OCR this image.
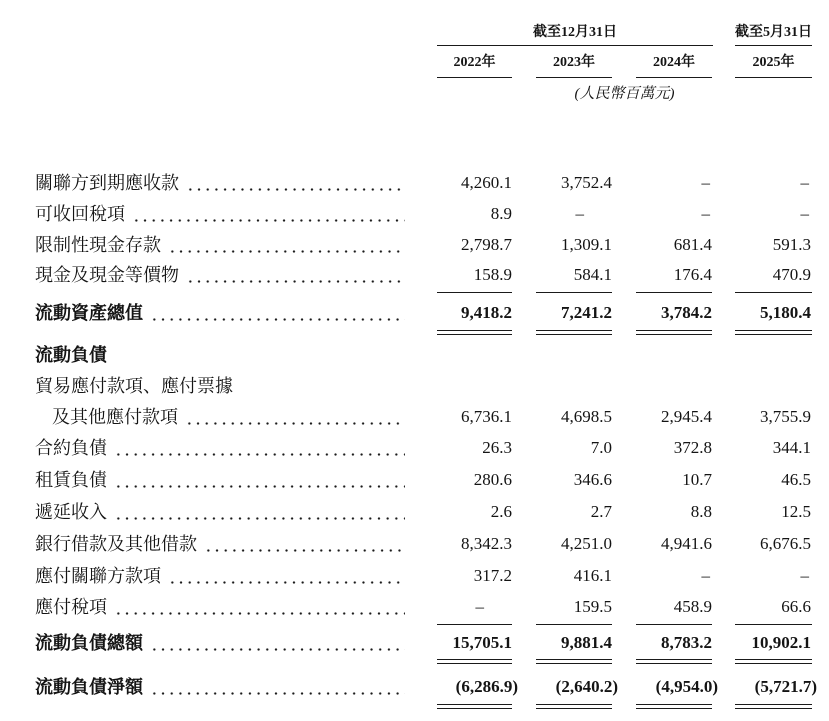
截至12月31日	截至5月31日
2022年	2023年	2024年	2025年
(人民幣百萬元)
關聯方到期應收款	4,260.1	3,752.4	–	–
可收回稅項	8.9	–	–	–
限制性現金存款	2,798.7	1,309.1	681.4	591.3
現金及現金等價物	158.9	584.1	176.4	470.9
流動資產總值	9,418.2	7,241.2	3,784.2	5,180.4
流動負債
貿易應付款項、應付票據
及其他應付款項	6,736.1	4,698.5	2,945.4	3,755.9
合約負債	26.3	7.0	372.8	344.1
租賃負債	280.6	346.6	10.7	46.5
遞延收入	2.6	2.7	8.8	12.5
銀行借款及其他借款	8,342.3	4,251.0	4,941.6	6,676.5
應付關聯方款項	317.2	416.1	–	–
應付稅項	–	159.5	458.9	66.6
流動負債總額	15,705.1	9,881.4	8,783.2	10,902.1
流動負債淨額	(6,286.9)	(2,640.2)	(4,954.0)	(5,721.7)
